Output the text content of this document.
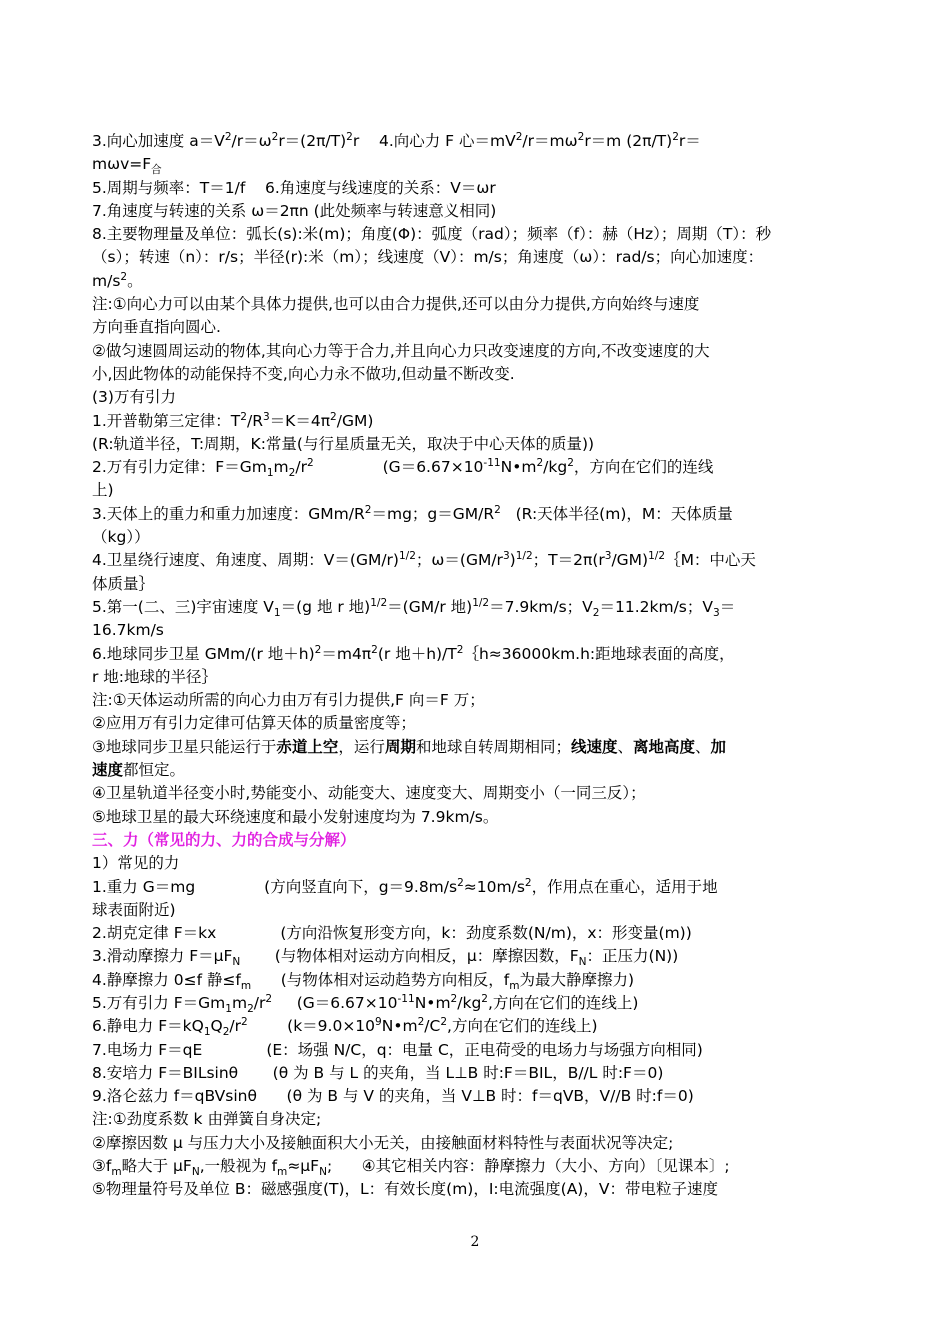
3.向心加速度 $a=V^2/r=\omega^2r=(2\pi/T)^2r$    4.向心力 F 心$=mV^2/r=m\omega^2r=m$ $(2\pi/T)^2r=$
$m\omega v=F_合$
5.周期与频率：T＝1/f    6.角速度与线速度的关系：V＝ωr
7.角速度与转速的关系 ω＝2πn (此处频率与转速意义相同)
8.主要物理量及单位：弧长(s):米(m)；角度(Φ)：弧度（rad）；频率（f）：赫（Hz）；周期（T）：秒
（s）；转速（n）：r/s；半径(r):米（m）；线速度（V）：m/s；角速度（ω）：rad/s；向心加速度：
$m/s^2$。
注:①向心力可以由某个具体力提供,也可以由合力提供,还可以由分力提供,方向始终与速度
方向垂直指向圆心.
②做匀速圆周运动的物体,其向心力等于合力,并且向心力只改变速度的方向,不改变速度的大
小,因此物体的动能保持不变,向心力永不做功,但动量不断改变.
(3)万有引力
1.开普勒第三定律：$T^2/R^3=K=4\pi^2/GM$)
(R:轨道半径，T:周期，K:常量(与行星质量无关，取决于中心天体的质量))
2.万有引力定律：$F=Gm_1m_2/r^2$              ($G=6.67\times 10^{-11}N•m^2/kg^2$，方向在它们的连线
上)
3.天体上的重力和重力加速度：GMm/$R^2=mg$；$g=GM/R^2$   (R:天体半径(m)，M：天体质量
（kg））
4.卫星绕行速度、角速度、周期：$V=(GM/r)^{1/2}$；$\omega=(GM/r^3)^{1/2}$；$T=2\pi(r^3/GM)^{1/2}\{M$：中心天
体质量｝
5.第一(二、三)宇宙速度 $V_1=(g$ 地 r 地)$^{1/2}$＝(GM/r 地)$^{1/2}$＝7.9km/s；$V_2=11.2km/s$；$V_3=$
16.7km/s
6.地球同步卫星 GMm/(r 地$+h)^2=m4\pi^2(r$ 地$+h)/T^2\{h\approx 36000km.h$:距地球表面的高度，
r 地:地球的半径｝
注:①天体运动所需的向心力由万有引力提供,F 向＝F 万；
②应用万有引力定律可估算天体的质量密度等；
③地球同步卫星只能运行于赤道上空，运行周期和地球自转周期相同；线速度、离地高度、加
速度都恒定。
④卫星轨道半径变小时,势能变小、动能变大、速度变大、周期变小（一同三反）；
⑤地球卫星的最大环绕速度和最小发射速度均为 7.9km/s。
三、力（常见的力、力的合成与分解）
1）常见的力
1.重力 G＝mg              (方向竖直向下，$g=9.8m/s^2\approx 10m/s^2$，作用点在重心，适用于地
球表面附近)
2.胡克定律 F＝kx             (方向沿恢复形变方向，k：劲度系数(N/m)，x：形变量(m))
3.滑动摩擦力 $F=\mu F_N$       (与物体相对运动方向相反，μ：摩擦因数，$F_N$：正压力(N))
4.静摩擦力 0≤f 静$\le f_m$      (与物体相对运动趋势方向相反，$f_m$为最大静摩擦力)
5.万有引力 $F=Gm_1m_2/r^2$     ($G=6.67\times 10^{-11}N•m^2/kg^2$,方向在它们的连线上)
6.静电力 $F=kQ_1Q_2/r^2$        ($k=9.0\times 10^9N•m^2/C^2$,方向在它们的连线上)
7.电场力 F＝qE             (E：场强 N/C，q：电量 C，正电荷受的电场力与场强方向相同)
8.安培力 F＝BILsinθ       (θ 为 B 与 L 的夹角，当 L⊥B 时:F＝BIL，B//L 时:F＝0)
9.洛仑兹力 f＝qBVsinθ      (θ 为 B 与 V 的夹角，当 V⊥B 时：f＝qVB，V//B 时:f＝0)
注:①劲度系数 k 由弹簧自身决定;
②摩擦因数 μ 与压力大小及接触面积大小无关，由接触面材料特性与表面状况等决定;
$③f_m$略大于 $\mu F_N$,一般视为 $f_m\approx\mu F_N$;      ④其它相关内容：静摩擦力（大小、方向）〔见课本〕;
⑤物理量符号及单位 B：磁感强度(T)，L：有效长度(m)，I:电流强度(A)，V：带电粒子速度
2
